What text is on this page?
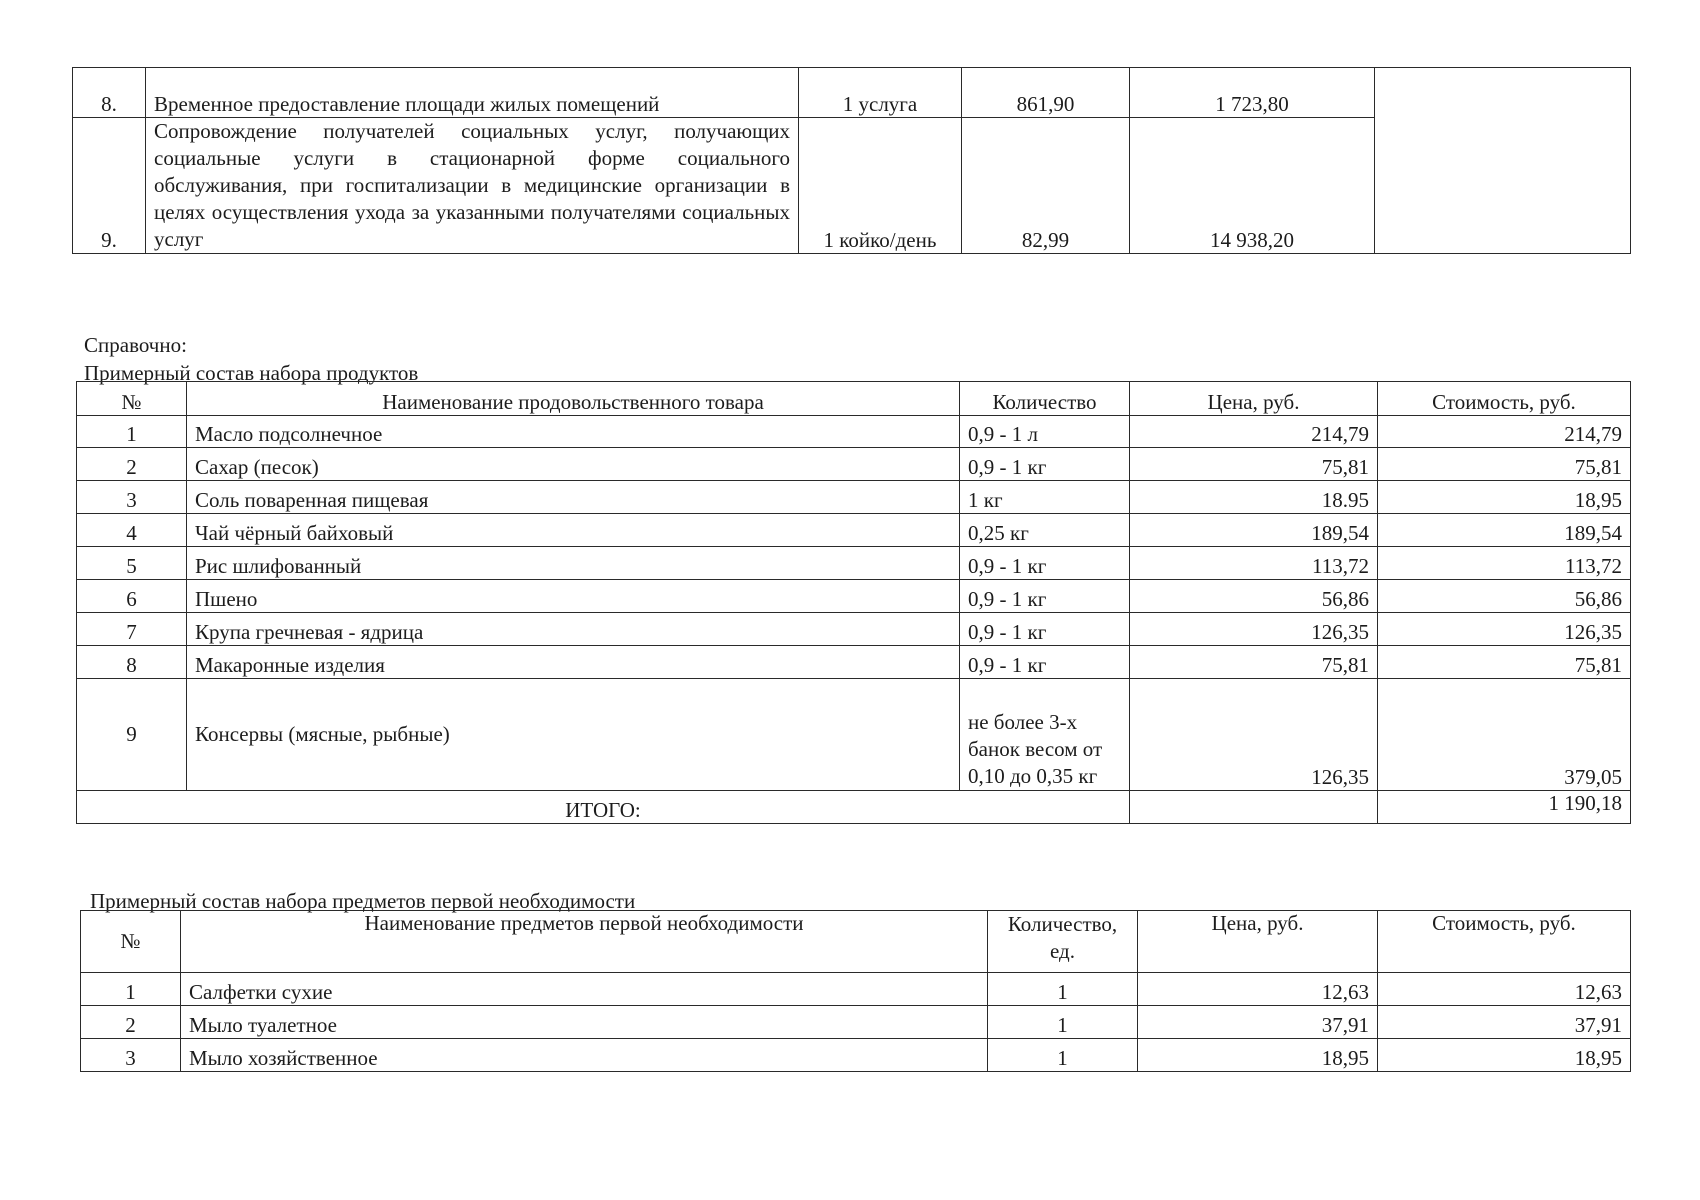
8.	Временное предоставление площади жилых помещений	1 услуга	861,90	1 723,80	
9.	Сопровождение получателей социальных услуг, получающих социальные услуги в стационарной форме социального обслуживания, при госпитализации в медицинские организации в целях осуществления ухода за указанными получателями социальных услуг	1 койко/день	82,99	14 938,20	
Справочно:
Примерный состав набора продуктов
№	Наименование продовольственного товара	Количество	Цена, руб.	Стоимость, руб.
1	Масло подсолнечное	0,9 - 1 л	214,79	214,79
2	Сахар (песок)	0,9 - 1 кг	75,81	75,81
3	Соль поваренная пищевая	1 кг	18.95	18,95
4	Чай чёрный байховый	0,25 кг	189,54	189,54
5	Рис шлифованный	0,9 - 1 кг	113,72	113,72
6	Пшено	0,9 - 1 кг	56,86	56,86
7	Крупа гречневая - ядрица	0,9 - 1 кг	126,35	126,35
8	Макаронные изделия	0,9 - 1 кг	75,81	75,81
9	Консервы (мясные, рыбные)	не более 3-х банок весом от 0,10 до 0,35 кг	126,35	379,05
ИТОГО:				1 190,18
Примерный состав набора предметов первой необходимости
№	Наименование предметов первой необходимости	Количество, ед.	Цена, руб.	Стоимость, руб.
1	Салфетки сухие	1	12,63	12,63
2	Мыло туалетное	1	37,91	37,91
3	Мыло хозяйственное	1	18,95	18,95
